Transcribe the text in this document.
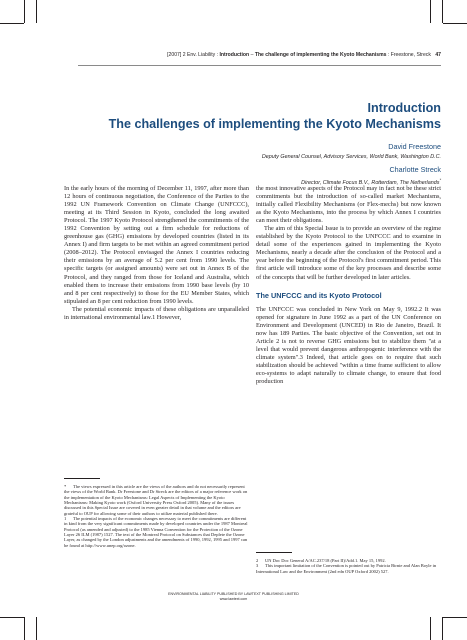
[2007] 2 Env. Liability : Introduction – The challenge of implementing the Kyoto Mechanisms : Freestone, Streck 47
Introduction
The challenges of implementing the Kyoto Mechanisms
David Freestone
Deputy General Counsel, Advisory Services, World Bank, Washington D.C.
Charlotte Streck
Director, Climate Focus B.V., Rotterdam, The Netherlands*

In the early hours of the morning of December 11, 1997, after more than 12 hours of continuous negotiation, the Conference of the Parties to the 1992 UN Framework Convention on Climate Change (UNFCCC), meeting at its Third Session in Kyoto, concluded the long awaited Protocol. The 1997 Kyoto Protocol strengthened the commitments of the 1992 Convention by setting out a firm schedule for reductions of greenhouse gas (GHG) emissions by developed countries (listed in its Annex I) and firm targets to be met within an agreed commitment period (2008–2012). The Protocol envisaged the Annex I countries reducing their emissions by an average of 5.2 per cent from 1990 levels. The specific targets (or assigned amounts) were set out in Annex B of the Protocol, and they ranged from those for Iceland and Australia, which enabled them to increase their emissions from 1990 base levels (by 10 and 8 per cent respectively) to those for the EU Member States, which stipulated an 8 per cent reduction from 1990 levels.

The potential economic impacts of these obligations are unparalleled in international environmental law.1 However,

the most innovative aspects of the Protocol may in fact not be these strict commitments but the introduction of so-called market Mechanisms, initially called Flexibility Mechanisms (or Flex-mechs) but now known as the Kyoto Mechanisms, into the process by which Annex I countries can meet their obligations.

The aim of this Special Issue is to provide an overview of the regime established by the Kyoto Protocol to the UNFCCC and to examine in detail some of the experiences gained in implementing the Kyoto Mechanisms, nearly a decade after the conclusion of the Protocol and a year before the beginning of the Protocol's first commitment period. This first article will introduce some of the key processes and describe some of the concepts that will be further developed in later articles.

The UNFCCC and its Kyoto Protocol

The UNFCCC was concluded in New York on May 9, 1992.2 It was opened for signature in June 1992 as a part of the UN Conference on Environment and Development (UNCED) in Rio de Janeiro, Brazil. It now has 189 Parties. The basic objective of the Convention, set out in Article 2 is not to reverse GHG emissions but to stabilize them "at a level that would prevent dangerous anthropogenic interference with the climate system".3 Indeed, that article goes on to require that such stabilization should be achieved "within a time frame sufficient to allow eco-systems to adapt naturally to climate change, to ensure that food production

* The views expressed in this article are the views of the authors and do not necessarily represent the views of the World Bank. Dr Freestone and Dr Streck are the editors of a major reference work on the implementation of the Kyoto Mechanisms: Legal Aspects of Implementing the Kyoto Mechanisms: Making Kyoto work (Oxford University Press Oxford 2005). Many of the issues discussed in this Special Issue are covered in even greater detail in that volume and the editors are grateful to OUP for allowing some of their authors to utilize material published there.

1 The potential impacts of the economic changes necessary to meet the commitments are different in kind from the very significant commitments made by developed countries under the 1987 Montreal Protocol (as amended and adjusted) to the 1985 Vienna Convention for the Protection of the Ozone Layer 26 ILM (1987) 1527. The text of the Montreal Protocol on Substances that Deplete the Ozone Layer, as changed by the London adjustments and the amendments of 1990, 1992, 1995 and 1997 can be found at http://www.unep.org/ozone.

2 UN Doc Doc General A/AC.237/18 (Part II)/Add.1. May 15, 1992.

3 This important limitation of the Convention is pointed out by Patricia Birnie and Alan Boyle in International Law and the Environment (2nd edn OUP Oxford 2002) 527.

ENVIRONMENTAL LIABILITY PUBLISHED BY LAWTEXT PUBLISHING LIMITED
www.lawtext.com
